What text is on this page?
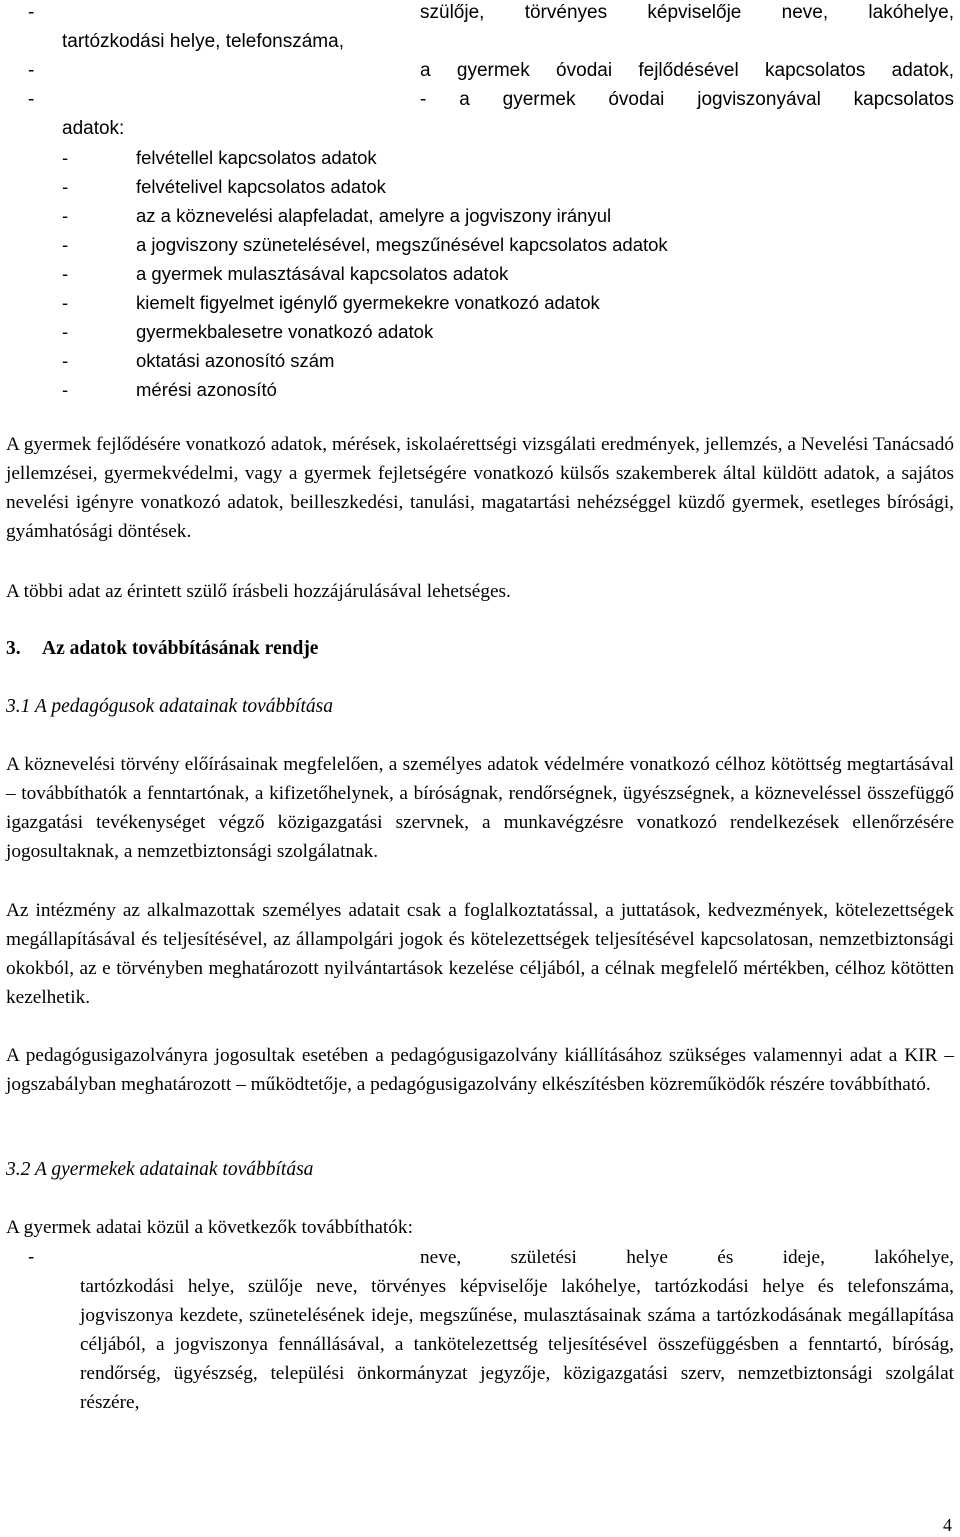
-	szülője, törvényes képviselője neve, lakóhelye,
tartózkodási helye, telefonszáma,
-	a gyermek óvodai fejlődésével kapcsolatos adatok,
-	- a gyermek óvodai jogviszonyával kapcsolatos
adatok:
-	felvétellel kapcsolatos adatok
-	felvételivel kapcsolatos adatok
-	az a köznevelési alapfeladat, amelyre a jogviszony irányul
-	a jogviszony szünetelésével, megszűnésével kapcsolatos adatok
-	a gyermek mulasztásával kapcsolatos adatok
-	kiemelt figyelmet igénylő gyermekekre vonatkozó adatok
-	gyermekbalesetre vonatkozó adatok
-	oktatási azonosító szám
-	mérési azonosító

A gyermek fejlődésére vonatkozó adatok, mérések, iskolaérettségi vizsgálati eredmények, jellemzés, a Nevelési Tanácsadó jellemzései, gyermekvédelmi, vagy a gyermek fejletségére vonatkozó külsős szakemberek által küldött adatok, a sajátos nevelési igényre vonatkozó adatok, beilleszkedési, tanulási, magatartási nehézséggel küzdő gyermek, esetleges bírósági, gyámhatósági döntések.

A többi adat az érintett szülő írásbeli hozzájárulásával lehetséges.

3. Az adatok továbbításának rendje
3.1 A pedagógusok adatainak továbbítása

A köznevelési törvény előírásainak megfelelően, a személyes adatok védelmére vonatkozó célhoz kötöttség megtartásával – továbbíthatók a fenntartónak, a kifizetőhelynek, a bíróságnak, rendőrségnek, ügyészségnek, a közneveléssel összefüggő igazgatási tevékenységet végző közigazgatási szervnek, a munkavégzésre vonatkozó rendelkezések ellenőrzésére jogosultaknak, a nemzetbiztonsági szolgálatnak.

Az intézmény az alkalmazottak személyes adatait csak a foglalkoztatással, a juttatások, kedvezmények, kötelezettségek megállapításával és teljesítésével, az állampolgári jogok és kötelezettségek teljesítésével kapcsolatosan, nemzetbiztonsági okokból, az e törvényben meghatározott nyilvántartások kezelése céljából, a célnak megfelelő mértékben, célhoz kötötten kezelhetik.

A pedagógusigazolványra jogosultak esetében a pedagógusigazolvány kiállításához szükséges valamennyi adat a KIR – jogszabályban meghatározott – működtetője, a pedagógusigazolvány elkészítésben közreműködők részére továbbítható.

3.2 A gyermekek adatainak továbbítása

A gyermek adatai közül a következők továbbíthatók:

-	neve, születési helye és ideje, lakóhelye,
tartózkodási helye, szülője neve, törvényes képviselője lakóhelye, tartózkodási helye és telefonszáma, jogviszonya kezdete, szünetelésének ideje, megszűnése, mulasztásainak száma a tartózkodásának megállapítása céljából, a jogviszonya fennállásával, a tankötelezettség teljesítésével összefüggésben a fenntartó, bíróság, rendőrség, ügyészség, települési önkormányzat jegyzője, közigazgatási szerv, nemzetbiztonsági szolgálat részére,
4
